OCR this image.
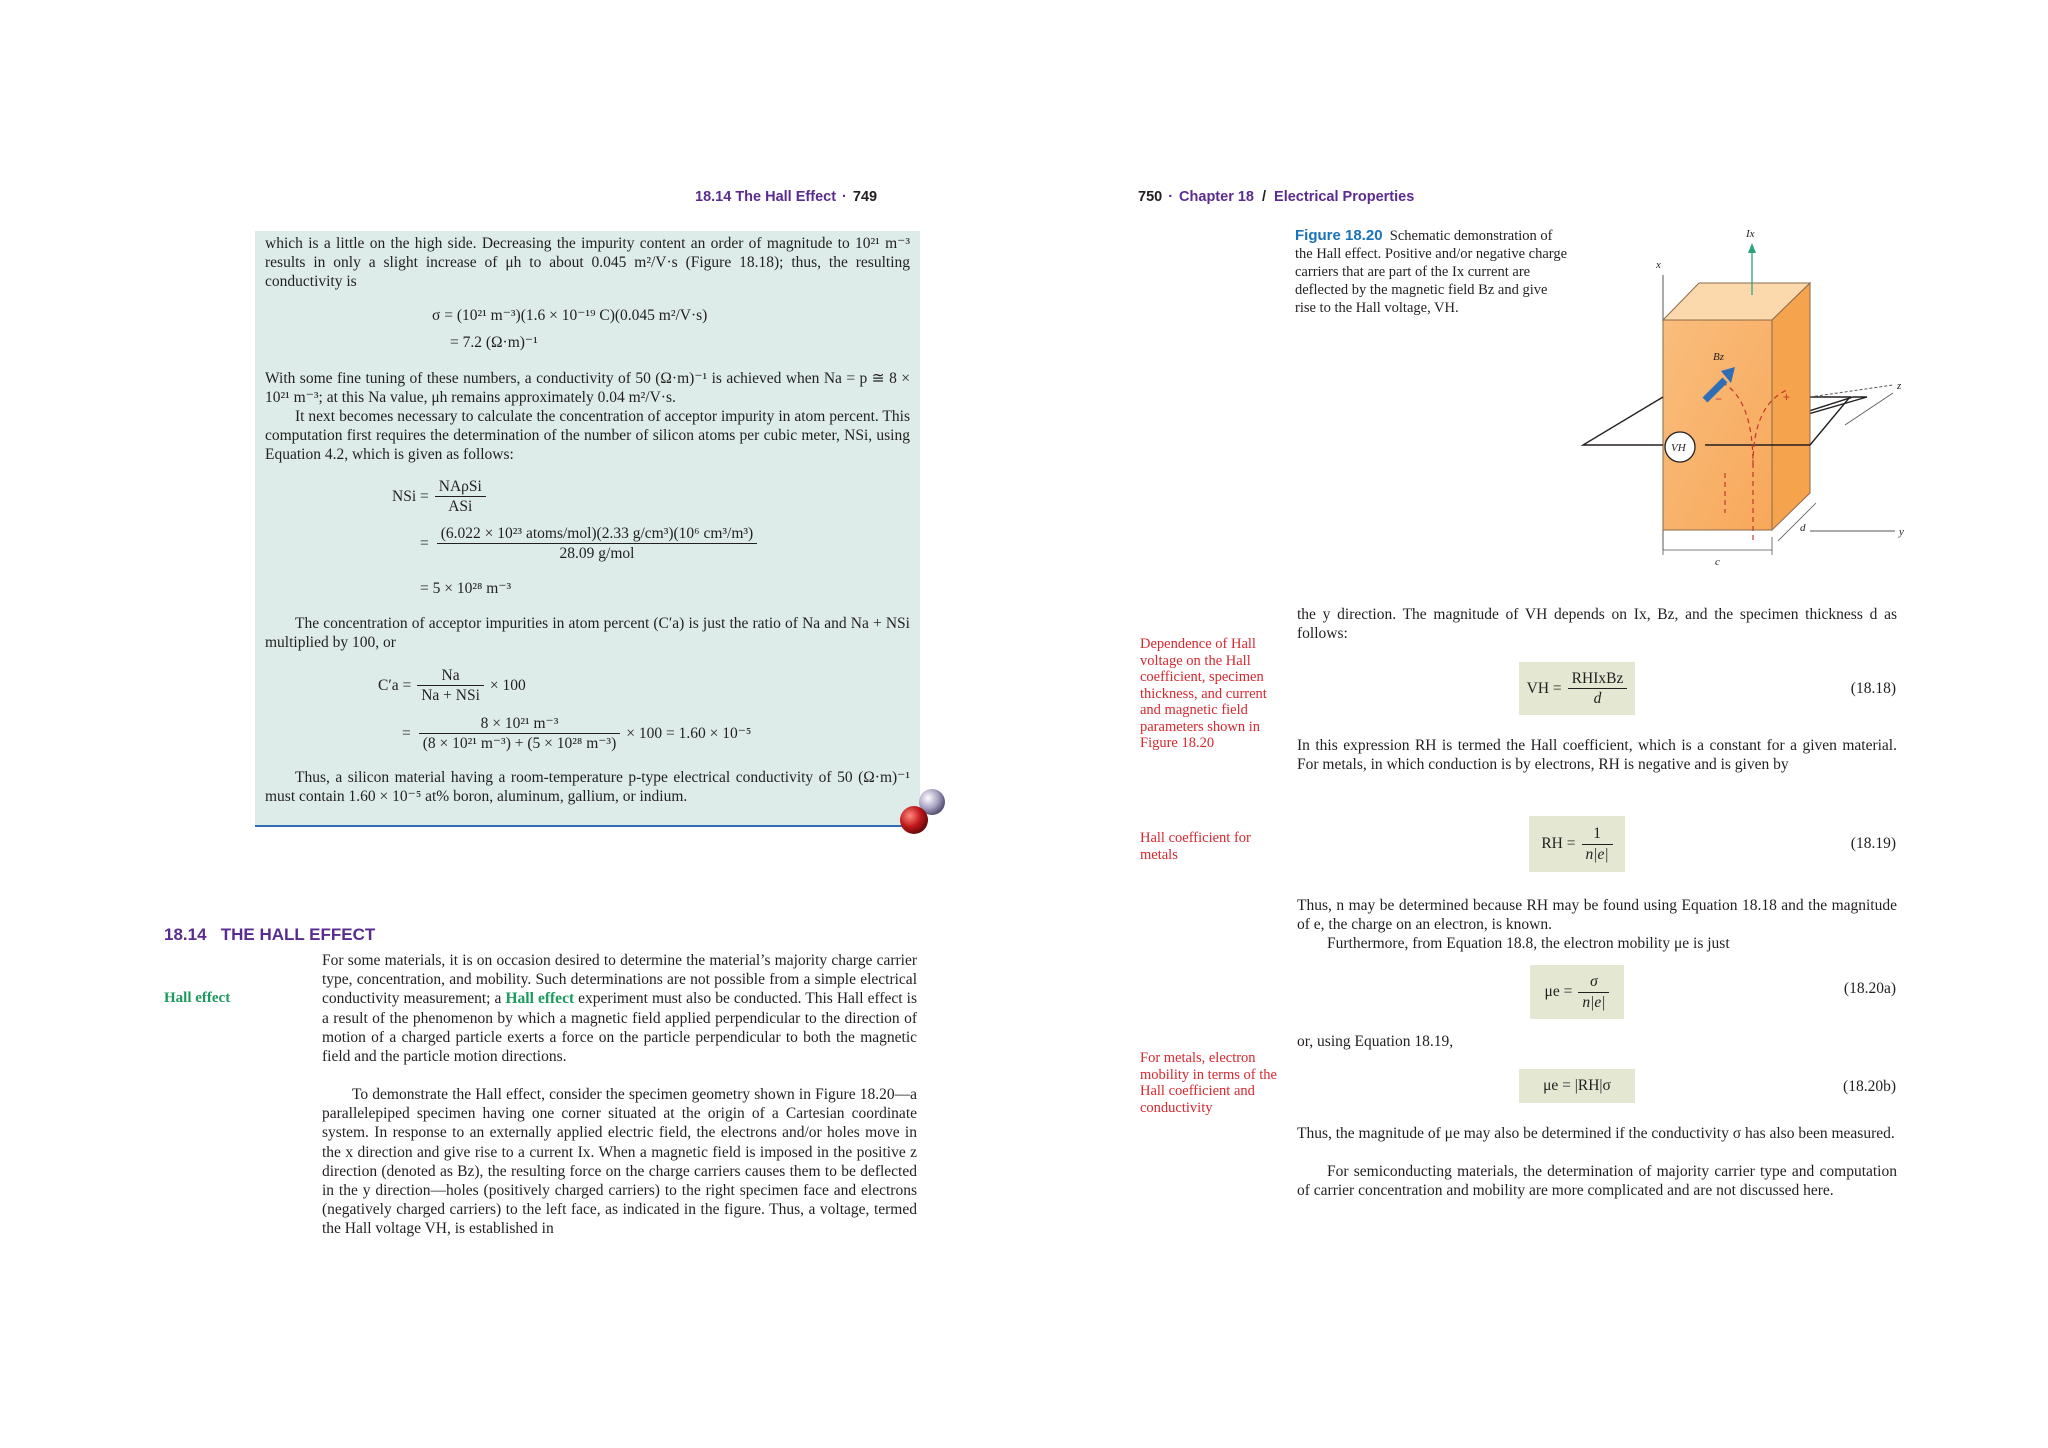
18.14 The Hall Effect · 749	750 · Chapter 18 / Electrical Properties
which is a little on the high side. Decreasing the impurity content an order of magnitude to 10²¹ m⁻³ results in only a slight increase of μh to about 0.045 m²/V·s (Figure 18.18); thus, the resulting conductivity is
σ = (10²¹ m⁻³)(1.6 × 10⁻¹⁹ C)(0.045 m²/V·s)
= 7.2 (Ω·m)⁻¹
With some fine tuning of these numbers, a conductivity of 50 (Ω·m)⁻¹ is achieved when Na = p ≅ 8 × 10²¹ m⁻³; at this Na value, μh remains approximately 0.04 m²/V·s.
It next becomes necessary to calculate the concentration of acceptor impurity in atom percent. This computation first requires the determination of the number of silicon atoms per cubic meter, NSi, using Equation 4.2, which is given as follows:
NSi = $\frac{\text{NAρSi}}{\text{ASi}}$
= $\frac{\text{(6.022 × 10²³ atoms/mol)(2.33 g/cm³)(10⁶ cm³/m³)}}{\text{28.09 g/mol}}$
= 5 × 10²⁸ m⁻³
The concentration of acceptor impurities in atom percent (C′a) is just the ratio of Na and Na + NSi multiplied by 100, or
$C'a = \frac{Na}{\text{Na + NSi}} \times 100$
= $\frac{\text{8 × 10²¹ m⁻³}}{\text{(8 × 10²¹ m⁻³) + (5 × 10²⁸ m⁻³)}} \times 100 = 1.60 \times 10^{-5}$
Thus, a silicon material having a room-temperature p-type electrical conductivity of 50 (Ω·m)⁻¹ must contain 1.60 × 10⁻⁵ at% boron, aluminum, gallium, or indium.
18.14 THE HALL EFFECT
Hall effect
For some materials, it is on occasion desired to determine the material’s majority charge carrier type, concentration, and mobility. Such determinations are not possible from a simple electrical conductivity measurement; a Hall effect experiment must also be conducted. This Hall effect is a result of the phenomenon by which a magnetic field applied perpendicular to the direction of motion of a charged particle exerts a force on the particle perpendicular to both the magnetic field and the particle motion directions.
To demonstrate the Hall effect, consider the specimen geometry shown in Figure 18.20—a parallelepiped specimen having one corner situated at the origin of a Cartesian coordinate system. In response to an externally applied electric field, the electrons and/or holes move in the x direction and give rise to a current Ix. When a magnetic field is imposed in the positive z direction (denoted as Bz), the resulting force on the charge carriers causes them to be deflected in the y direction—holes (positively charged carriers) to the right specimen face and electrons (negatively charged carriers) to the left face, as indicated in the figure. Thus, a voltage, termed the Hall voltage VH, is established in
Figure 18.20 Schematic demonstration of the Hall effect. Positive and/or negative charge carriers that are part of the Ix current are deflected by the magnetic field Bz and give rise to the Hall voltage, VH.
x
−	+
Bz
VH
Ix
z
y
c
d
the y direction. The magnitude of VH depends on Ix, Bz, and the specimen thickness d as follows:
Dependence of Hall voltage on the Hall coefficient, specimen thickness, and current and magnetic field parameters shown in Figure 18.20
VH = $\frac{\text{RHIxBz}}{d}$	(18.18)
In this expression RH is termed the Hall coefficient, which is a constant for a given material. For metals, in which conduction is by electrons, RH is negative and is given by
Hall coefficient for metals
RH = $\frac{1}{n|e|}$	(18.19)
Thus, n may be determined because RH may be found using Equation 18.18 and the magnitude of e, the charge on an electron, is known.
Furthermore, from Equation 18.8, the electron mobility μe is just
$\mu e = \frac{\sigma}{n|e|}$	(18.20a)
or, using Equation 18.19,
For metals, electron mobility in terms of the Hall coefficient and conductivity
μe = |RH|σ	(18.20b)
Thus, the magnitude of μe may also be determined if the conductivity σ has also been measured.
For semiconducting materials, the determination of majority carrier type and computation of carrier concentration and mobility are more complicated and are not discussed here.
